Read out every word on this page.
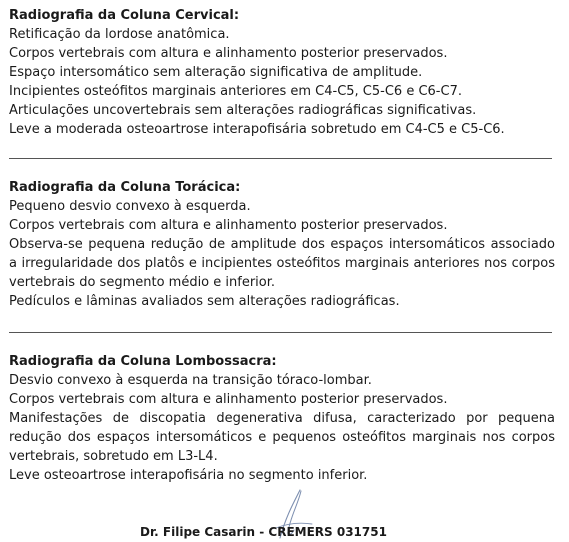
Radiografia da Coluna Cervical:

Retificação da lordose anatômica.

Corpos vertebrais com altura e alinhamento posterior preservados.

Espaço intersomático sem alteração significativa de amplitude.

Incipientes osteófitos marginais anteriores em C4-C5, C5-C6 e C6-C7.

Articulações uncovertebrais sem alterações radiográficas significativas.

Leve a moderada osteoartrose interapofisária sobretudo em C4-C5 e C5-C6.

Radiografia da Coluna Torácica:

Pequeno desvio convexo à esquerda.

Corpos vertebrais com altura e alinhamento posterior preservados.

Observa-se pequena redução de amplitude dos espaços intersomáticos associado a irregularidade dos platôs e incipientes osteófitos marginais anteriores nos corpos vertebrais do segmento médio e inferior.

Pedículos e lâminas avaliados sem alterações radiográficas.

Radiografia da Coluna Lombossacra:

Desvio convexo à esquerda na transição tóraco-lombar.

Corpos vertebrais com altura e alinhamento posterior preservados.

Manifestações de discopatia degenerativa difusa, caracterizado por pequena redução dos espaços intersomáticos e pequenos osteófitos marginais nos corpos vertebrais, sobretudo em L3-L4.

Leve osteoartrose interapofisária no segmento inferior.

Dr. Filipe Casarin - CREMERS 031751
